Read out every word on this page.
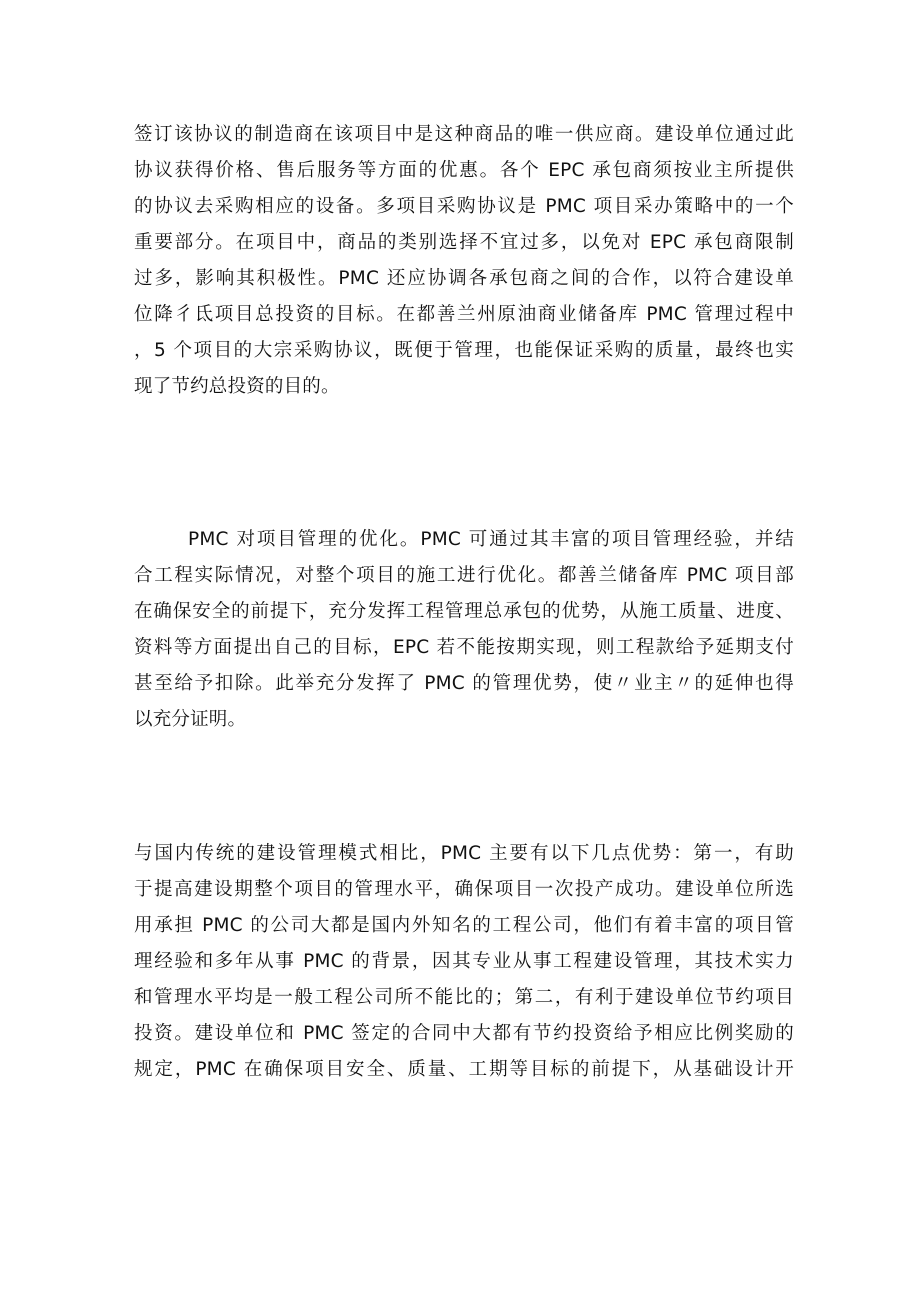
签订该协议的制造商在该项目中是这种商品的唯一供应商。建设单位通过此
协议获得价格、售后服务等方面的优惠。各个 EPC 承包商须按业主所提供
的协议去采购相应的设备。多项目采购协议是 PMC 项目采办策略中的一个
重要部分。在项目中，商品的类别选择不宜过多，以免对 EPC 承包商限制
过多，影响其积极性。PMC 还应协调各承包商之间的合作，以符合建设单
位降彳氐项目总投资的目标。在都善兰州原油商业储备库 PMC 管理过程中
，5 个项目的大宗采购协议，既便于管理，也能保证采购的质量，最终也实
现了节约总投资的目的。
PMC 对项目管理的优化。PMC 可通过其丰富的项目管理经验，并结
合工程实际情况，对整个项目的施工进行优化。都善兰储备库 PMC 项目部
在确保安全的前提下，充分发挥工程管理总承包的优势，从施工质量、进度、
资料等方面提出自己的目标，EPC 若不能按期实现，则工程款给予延期支付
甚至给予扣除。此举充分发挥了 PMC 的管理优势，使〃业主〃的延伸也得
以充分证明。
与国内传统的建设管理模式相比，PMC 主要有以下几点优势：第一，有助
于提高建设期整个项目的管理水平，确保项目一次投产成功。建设单位所选
用承担 PMC 的公司大都是国内外知名的工程公司，他们有着丰富的项目管
理经验和多年从事 PMC 的背景，因其专业从事工程建设管理，其技术实力
和管理水平均是一般工程公司所不能比的；第二，有利于建设单位节约项目
投资。建设单位和 PMC 签定的合同中大都有节约投资给予相应比例奖励的
规定，PMC 在确保项目安全、质量、工期等目标的前提下，从基础设计开
